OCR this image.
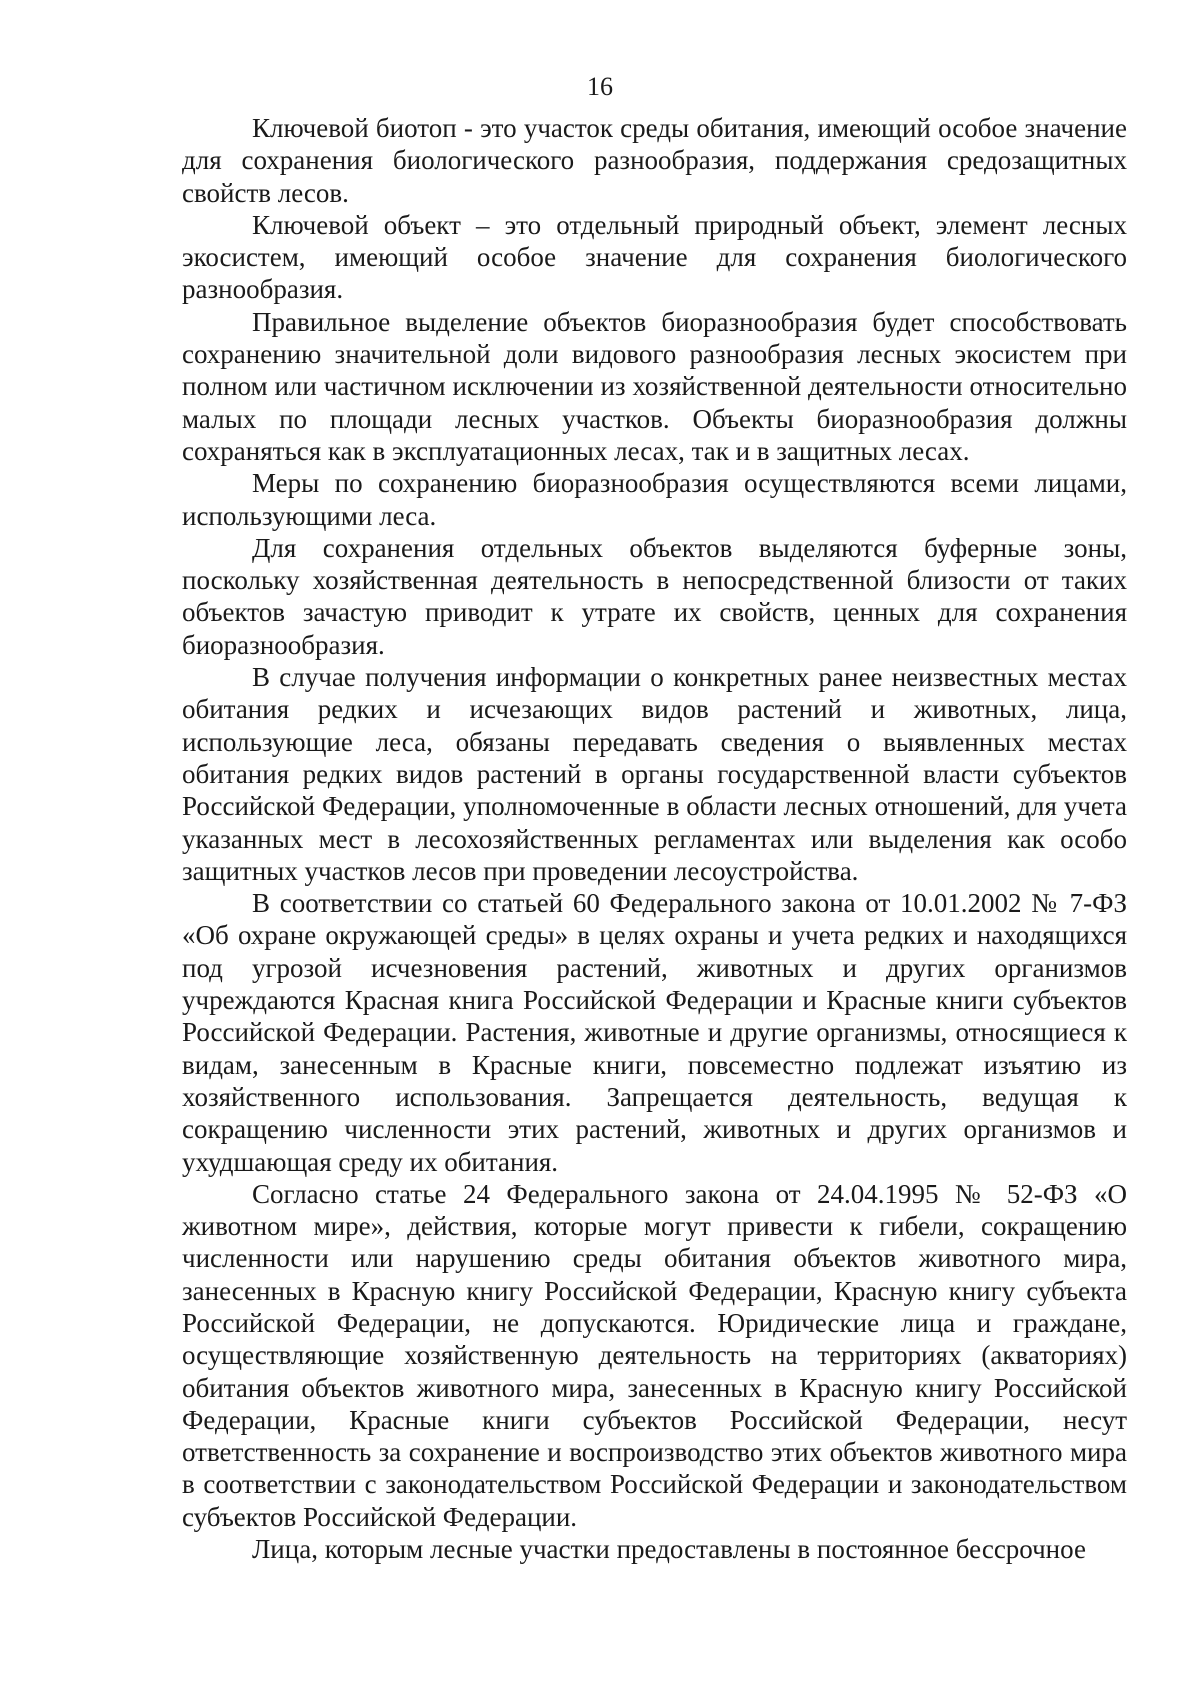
16

Ключевой биотоп - это участок среды обитания, имеющий особое значение для сохранения биологического разнообразия, поддержания средозащитных свойств лесов.

Ключевой объект – это отдельный природный объект, элемент лесных экосистем, имеющий особое значение для сохранения биологического разнообразия.

Правильное выделение объектов биоразнообразия будет способствовать сохранению значительной доли видового разнообразия лесных экосистем при полном или частичном исключении из хозяйственной деятельности относительно малых по площади лесных участков. Объекты биоразнообразия должны сохраняться как в эксплуатационных лесах, так и в защитных лесах.

Меры по сохранению биоразнообразия осуществляются всеми лицами, использующими леса.

Для сохранения отдельных объектов выделяются буферные зоны, поскольку хозяйственная деятельность в непосредственной близости от таких объектов зачастую приводит к утрате их свойств, ценных для сохранения биоразнообразия.

В случае получения информации о конкретных ранее неизвестных местах обитания редких и исчезающих видов растений и животных, лица, использующие леса, обязаны передавать сведения о выявленных местах обитания редких видов растений в органы государственной власти субъектов Российской Федерации, уполномоченные в области лесных отношений, для учета указанных мест в лесохозяйственных регламентах или выделения как особо защитных участков лесов при проведении лесоустройства.

В соответствии со статьей 60 Федерального закона от 10.01.2002 № 7-ФЗ «Об охране окружающей среды» в целях охраны и учета редких и находящихся под угрозой исчезновения растений, животных и других организмов учреждаются Красная книга Российской Федерации и Красные книги субъектов Российской Федерации. Растения, животные и другие организмы, относящиеся к видам, занесенным в Красные книги, повсеместно подлежат изъятию из хозяйственного использования. Запрещается деятельность, ведущая к сокращению численности этих растений, животных и других организмов и ухудшающая среду их обитания.

Согласно статье 24 Федерального закона от 24.04.1995 № 52-ФЗ «О животном мире», действия, которые могут привести к гибели, сокращению численности или нарушению среды обитания объектов животного мира, занесенных в Красную книгу Российской Федерации, Красную книгу субъекта Российской Федерации, не допускаются. Юридические лица и граждане, осуществляющие хозяйственную деятельность на территориях (акваториях) обитания объектов животного мира, занесенных в Красную книгу Российской Федерации, Красные книги субъектов Российской Федерации, несут ответственность за сохранение и воспроизводство этих объектов животного мира в соответствии с законодательством Российской Федерации и законодательством субъектов Российской Федерации.

Лица, которым лесные участки предоставлены в постоянное бессрочное
